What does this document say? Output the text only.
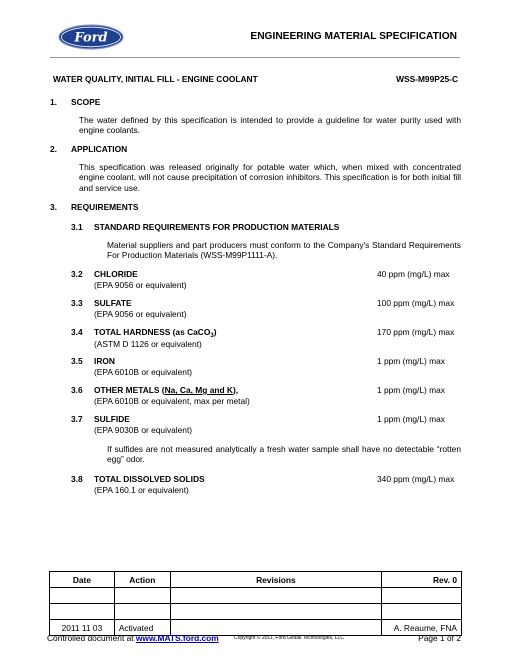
Ford	ENGINEERING MATERIAL SPECIFICATION
WATER QUALITY, INITIAL FILL - ENGINE COOLANT	WSS-M99P25-C
1. SCOPE
The water defined by this specification is intended to provide a guideline for water purity used with engine coolants.
2. APPLICATION
This specification was released originally for potable water which, when mixed with concentrated engine coolant, will not cause precipitation of corrosion inhibitors. This specification is for both initial fill and service use.
3. REQUIREMENTS
3.1 STANDARD REQUIREMENTS FOR PRODUCTION MATERIALS
Material suppliers and part producers must conform to the Company's Standard Requirements For Production Materials (WSS-M99P1111-A).
3.2 CHLORIDE	40 ppm (mg/L) max
(EPA 9056 or equivalent)
3.3 SULFATE	100 ppm (mg/L) max
(EPA 9056 or equivalent)
3.4 TOTAL HARDNESS (as CaCO$_3$)	170 ppm (mg/L) max
(ASTM D 1126 or equivalent)
3.5 IRON	1 ppm (mg/L) max
(EPA 6010B or equivalent)
3.6 OTHER METALS (Na, Ca, Mg and K),	1 ppm (mg/L) max
(EPA 6010B or equivalent, max per metal)
3.7 SULFIDE	1 ppm (mg/L) max
(EPA 9030B or equivalent)
If sulfides are not measured analytically a fresh water sample shall have no detectable “rotten egg” odor.
3.8 TOTAL DISSOLVED SOLIDS	340 ppm (mg/L) max
(EPA 160.1 or equivalent)
Date	Action	Revisions	Rev. 0

2011 11 03	Activated		A. Reaume, FNA
Controlled document at www.MATS.ford.com	Copyright © 2011, Ford Global Technologies, LLC	Page 1 of 2
